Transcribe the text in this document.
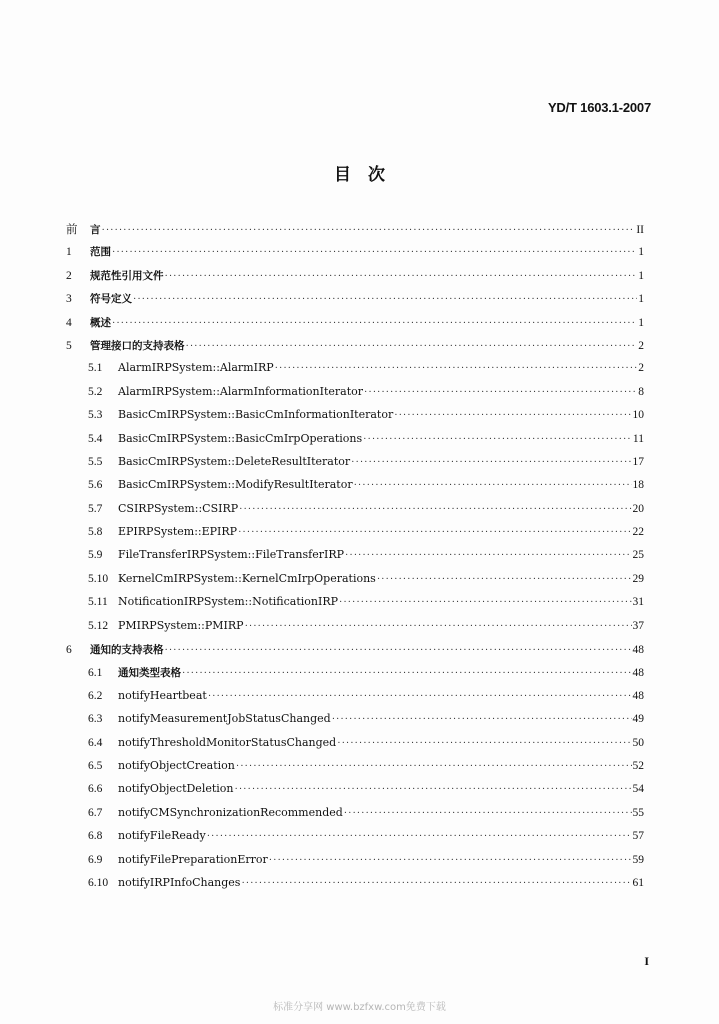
YD/T 1603.1-2007
目　次
前	言 ·····	II
1	范围 ·····	1
2	规范性引用文件 ·····	1
3	符号定义 ·····	1
4	概述 ·····	1
5	管理接口的支持表格 ·····	2
5.1	AlarmIRPSystem::AlarmIRP ·····	2
5.2	AlarmIRPSystem::AlarmInformationIterator ·····	8
5.3	BasicCmIRPSystem::BasicCmInformationIterator ·····	10
5.4	BasicCmIRPSystem::BasicCmIrpOperations ·····	11
5.5	BasicCmIRPSystem::DeleteResultIterator ·····	17
5.6	BasicCmIRPSystem::ModifyResultIterator ·····	18
5.7	CSIRPSystem::CSIRP ·····	20
5.8	EPIRPSystem::EPIRP ·····	22
5.9	FileTransferIRPSystem::FileTransferIRP ·····	25
5.10 KernelCmIRPSystem::KernelCmIrpOperations ·····	29
5.11 NotificationIRPSystem::NotificationIRP ·····	31
5.12 PMIRPSystem::PMIRP ·····	37
6	通知的支持表格 ·····	48
6.1	通知类型表格 ·····	48
6.2	notifyHeartbeat ·····	48
6.3	notifyMeasurementJobStatusChanged ·····	49
6.4	notifyThresholdMonitorStatusChanged ·····	50
6.5	notifyObjectCreation ·····	52
6.6	notifyObjectDeletion ·····	54
6.7	notifyCMSynchronizationRecommended ·····	55
6.8	notifyFileReady ·····	57
6.9	notifyFilePreparationError ·····	59
6.10 notifyIRPInfoChanges ·····	61
I
标准分享网 www.bzfxw.com免费下载
